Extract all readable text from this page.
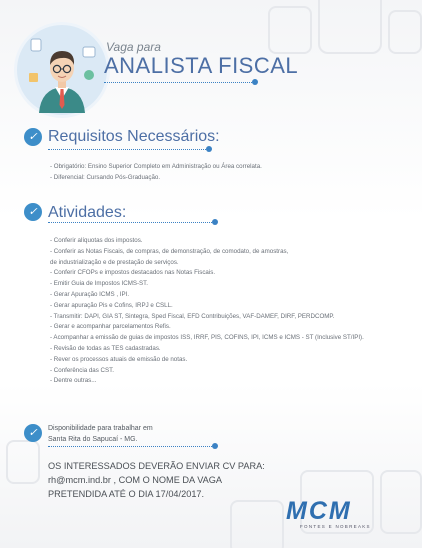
Vaga para
ANALISTA FISCAL
✓ Requisitos Necessários:
- Obrigatório: Ensino Superior Completo em Administração ou Área correlata.
- Diferencial: Cursando Pós-Graduação.
✓ Atividades:
- Conferir alíquotas dos impostos.
- Conferir as Notas Fiscais, de compras, de demonstração, de comodato, de amostras,
de industrialização e de prestação de serviços.
- Conferir CFOPs e impostos destacados nas Notas Fiscais.
- Emitir Guia de Impostos ICMS-ST.
- Gerar Apuração ICMS , IPI.
- Gerar apuração Pis e Cofins, IRPJ e CSLL.
- Transmitir: DAPI, GIA ST, Sintegra, Sped Fiscal, EFD Contribuições, VAF-DAMEF, DIRF, PERDCOMP.
- Gerar e acompanhar parcelamentos Refis.
- Acompanhar a emissão de guias de impostos ISS, IRRF, PIS, COFINS, IPI, ICMS e ICMS - ST (Inclusive ST/IPI).
- Revisão de todas as TES cadastradas.
- Rever os processos atuais de emissão de notas.
- Conferência das CST.
- Dentre outras...
✓	Disponibilidade para trabalhar em
Santa Rita do Sapucaí - MG.
OS INTERESSADOS DEVERÃO ENVIAR CV PARA:
rh@mcm.ind.br , COM O NOME DA VAGA
PRETENDIDA ATÉ O DIA 17/04/2017.
MCM
FONTES E NOBREAKS
